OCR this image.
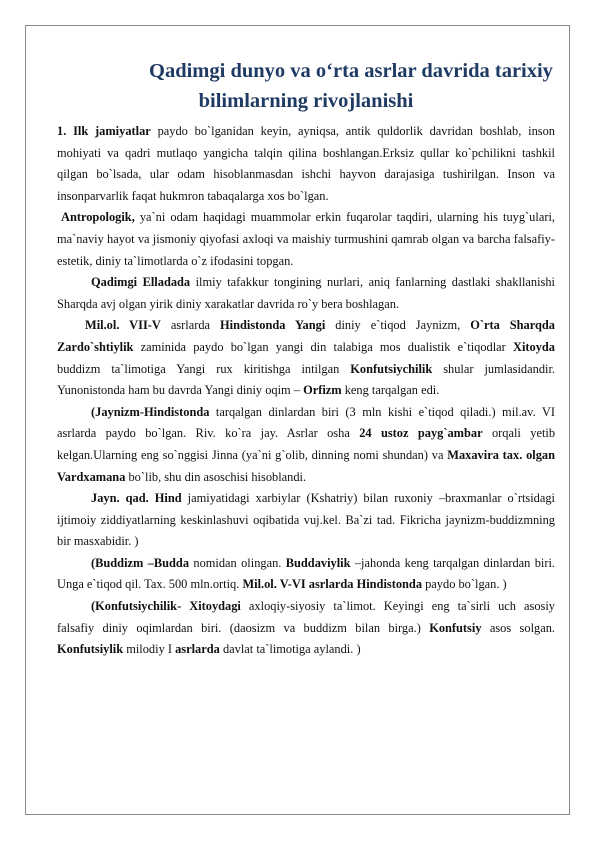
Qadimgi dunyo va o‘rta asrlar davrida tarixiy
bilimlarning rivojlanishi

1. Ilk jamiyatlar paydo bo`lganidan keyin, ayniqsa, antik quldorlik davridan boshlab, inson mohiyati va qadri mutlaqo yangicha talqin qilina boshlangan.Erksiz qullar ko`pchilikni tashkil qilgan bo`lsada, ular odam hisoblanmasdan ishchi hayvon darajasiga tushirilgan. Inson va insonparvarlik faqat hukmron tabaqalarga xos bo`lgan.

Antropologik, ya`ni odam haqidagi muammolar erkin fuqarolar taqdiri, ularning his tuyg`ulari, ma`naviy hayot va jismoniy qiyofasi axloqi va maishiy turmushini qamrab olgan va barcha falsafiy-estetik, diniy ta`limotlarda o`z ifodasini topgan.

Qadimgi Elladada ilmiy tafakkur tongining nurlari, aniq fanlarning dastlaki shakllanishi Sharqda avj olgan yirik diniy xarakatlar davrida ro`y bera boshlagan.

Mil.ol. VII-V asrlarda Hindistonda Yangi diniy e`tiqod Jaynizm, O`rta Sharqda Zardo`shtiylik zaminida paydo bo`lgan yangi din talabiga mos dualistik e`tiqodlar Xitoyda buddizm ta`limotiga Yangi rux kiritishga intilgan Konfutsiychilik shular jumlasidandir. Yunonistonda ham bu davrda Yangi diniy oqim – Orfizm keng tarqalgan edi.

(Jaynizm-Hindistonda tarqalgan dinlardan biri (3 mln kishi e`tiqod qiladi.) mil.av. VI asrlarda paydo bo`lgan. Riv. ko`ra jay. Asrlar osha 24 ustoz payg`ambar orqali yetib kelgan.Ularning eng so`nggisi Jinna (ya`ni g`olib, dinning nomi shundan) va Maxavira tax. olgan Vardxamana bo`lib, shu din asoschisi hisoblandi.

Jayn. qad. Hind jamiyatidagi xarbiylar (Kshatriy) bilan ruxoniy –braxmanlar o`rtsidagi ijtimoiy ziddiyatlarning keskinlashuvi oqibatida vuj.kel. Ba`zi tad. Fikricha jaynizm-buddizmning bir masxabidir. )

(Buddizm –Budda nomidan olingan. Buddaviylik –jahonda keng tarqalgan dinlardan biri. Unga e`tiqod qil. Tax. 500 mln.ortiq. Mil.ol. V-VI asrlarda Hindistonda paydo bo`lgan. )

(Konfutsiychilik- Xitoydagi axloqiy-siyosiy ta`limot. Keyingi eng ta`sirli uch asosiy falsafiy diniy oqimlardan biri. (daosizm va buddizm bilan birga.) Konfutsiy asos solgan. Konfutsiylik milodiy I asrlarda davlat ta`limotiga aylandi. )
